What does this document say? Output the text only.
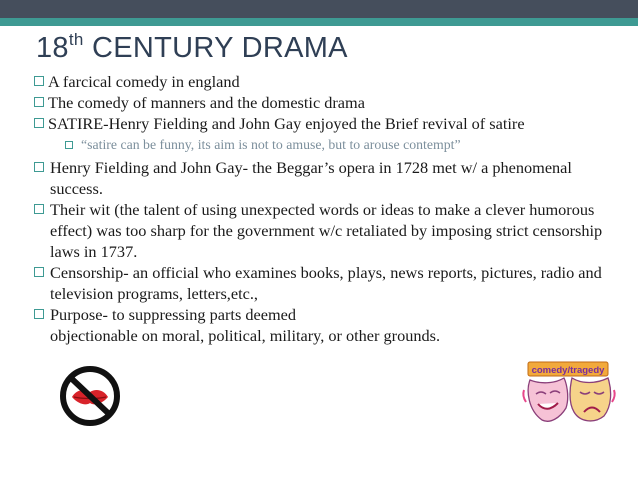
18th CENTURY DRAMA
A farcical comedy in england
The comedy of manners and the domestic drama
SATIRE-Henry Fielding and John Gay enjoyed the Brief revival of satire
“satire can be funny, its aim is not to amuse, but to arouse contempt”
Henry Fielding and John Gay- the Beggar’s opera in 1728 met w/ a phenomenal success.
Their wit (the talent of using unexpected words or ideas to make a clever humorous effect) was too sharp for the government w/c retaliated by imposing strict censorship laws in 1737.
Censorship- an official who examines books, plays, news reports, pictures, radio and television programs, letters,etc.,
Purpose- to suppressing parts deemed
objectionable on moral, political, military, or other grounds.
comedy/tragedy
